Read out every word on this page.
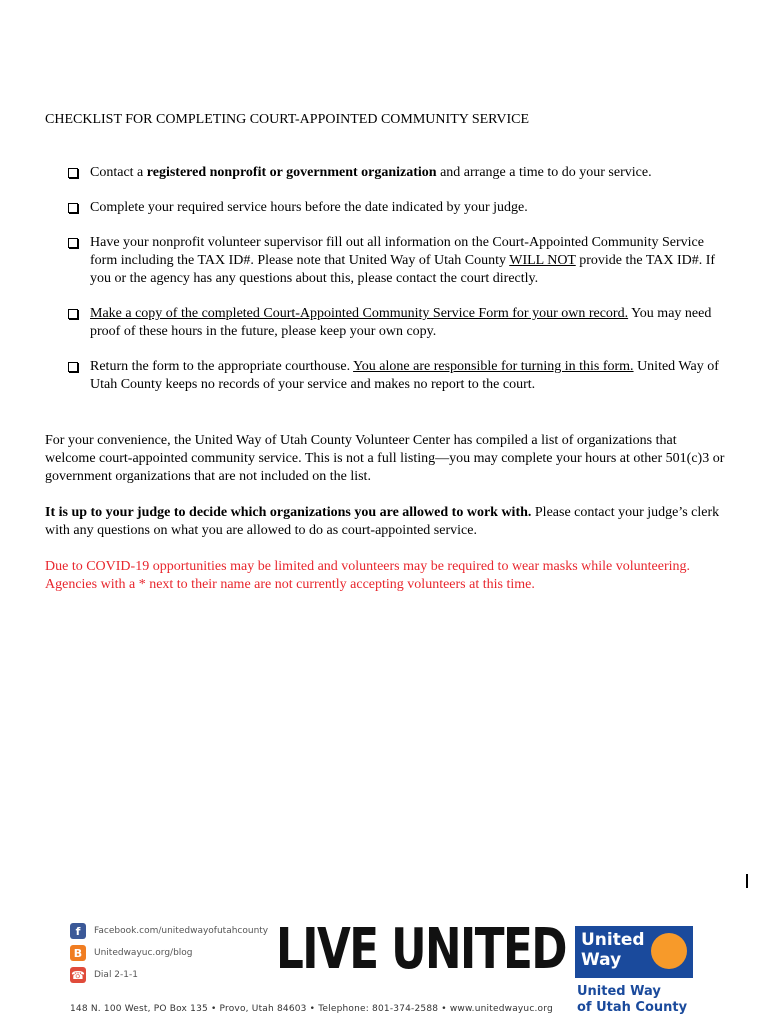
CHECKLIST FOR COMPLETING COURT-APPOINTED COMMUNITY SERVICE
Contact a registered nonprofit or government organization and arrange a time to do your service.
Complete your required service hours before the date indicated by your judge.
Have your nonprofit volunteer supervisor fill out all information on the Court-Appointed Community Service form including the TAX ID#. Please note that United Way of Utah County WILL NOT provide the TAX ID#. If you or the agency has any questions about this, please contact the court directly.
Make a copy of the completed Court-Appointed Community Service Form for your own record. You may need proof of these hours in the future, please keep your own copy.
Return the form to the appropriate courthouse. You alone are responsible for turning in this form. United Way of Utah County keeps no records of your service and makes no report to the court.

For your convenience, the United Way of Utah County Volunteer Center has compiled a list of organizations that welcome court-appointed community service. This is not a full listing—you may complete your hours at other 501(c)3 or government organizations that are not included on the list.

It is up to your judge to decide which organizations you are allowed to work with. Please contact your judge’s clerk with any questions on what you are allowed to do as court-appointed service.

Due to COVID-19 opportunities may be limited and volunteers may be required to wear masks while volunteering. Agencies with a * next to their name are not currently accepting volunteers at this time.

f	Facebook.com/unitedwayofutahcounty
B	Unitedwayuc.org/blog
☎ Dial 2-1-1 LIVE UNITED United
Way
United Way
of Utah County
148 N. 100 West, PO Box 135 • Provo, Utah 84603 • Telephone: 801-374-2588 • www.unitedwayuc.org
